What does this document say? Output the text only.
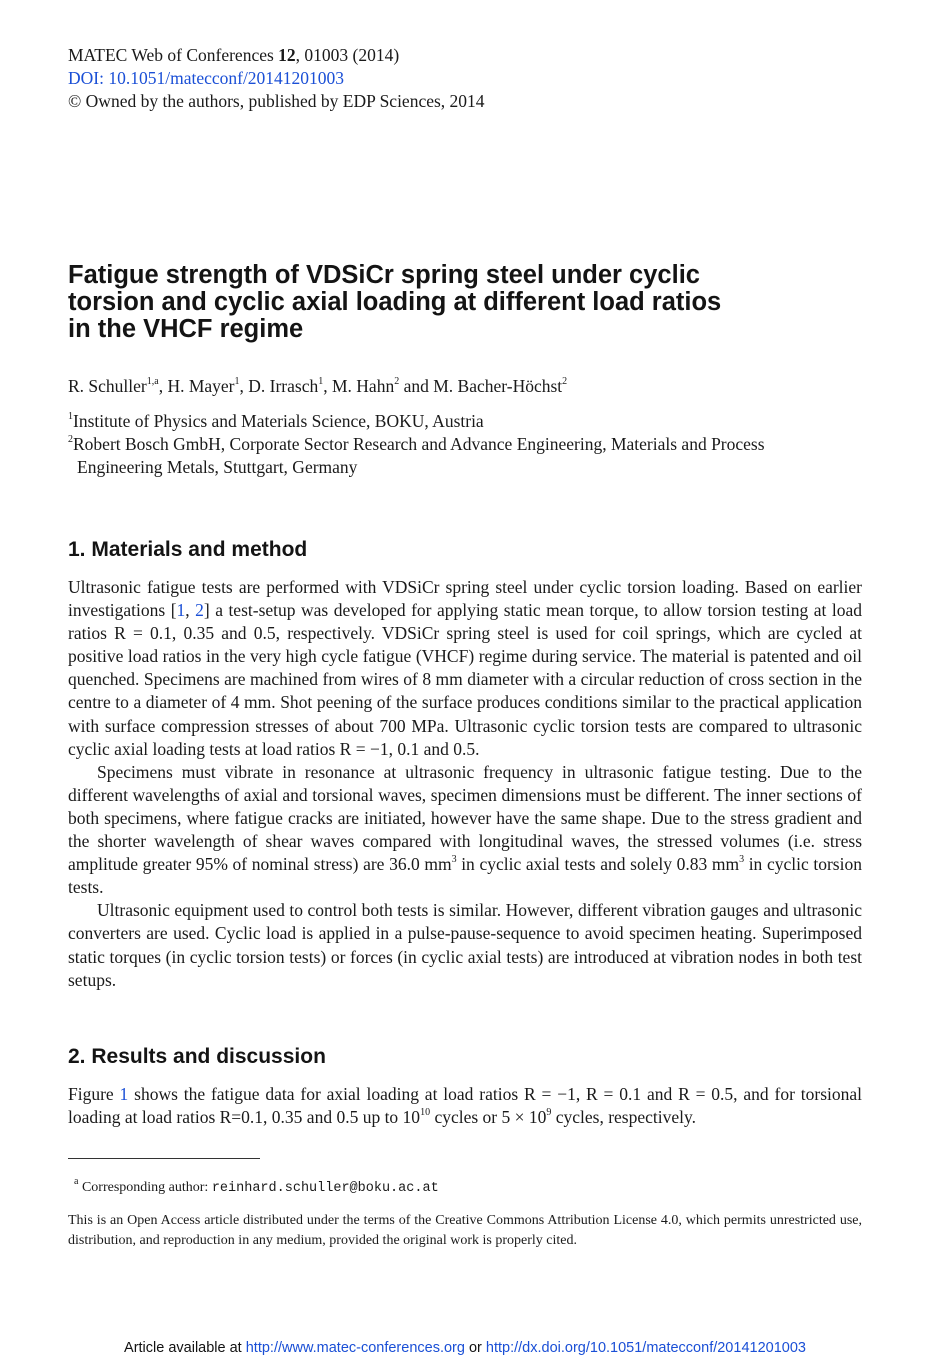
MATEC Web of Conferences 12, 01003 (2014)
DOI: 10.1051/matecconf/20141201003
© Owned by the authors, published by EDP Sciences, 2014
Fatigue strength of VDSiCr spring steel under cyclic
torsion and cyclic axial loading at different load ratios
in the VHCF regime
R. Schuller$^{1,a}$, H. Mayer$^1$, D. Irrasch$^1$, M. Hahn$^2$ and M. Bacher-Höchst$^2$
$^1$Institute of Physics and Materials Science, BOKU, Austria
$^2$Robert Bosch GmbH, Corporate Sector Research and Advance Engineering, Materials and Process
Engineering Metals, Stuttgart, Germany
1. Materials and method

Ultrasonic fatigue tests are performed with VDSiCr spring steel under cyclic torsion loading. Based on earlier investigations [1, 2] a test-setup was developed for applying static mean torque, to allow torsion testing at load ratios R = 0.1, 0.35 and 0.5, respectively. VDSiCr spring steel is used for coil springs, which are cycled at positive load ratios in the very high cycle fatigue (VHCF) regime during service. The material is patented and oil quenched. Specimens are machined from wires of 8 mm diameter with a circular reduction of cross section in the centre to a diameter of 4 mm. Shot peening of the surface produces conditions similar to the practical application with surface compression stresses of about 700 MPa. Ultrasonic cyclic torsion tests are compared to ultrasonic cyclic axial loading tests at load ratios R = −1, 0.1 and 0.5.

Specimens must vibrate in resonance at ultrasonic frequency in ultrasonic fatigue testing. Due to the different wavelengths of axial and torsional waves, specimen dimensions must be different. The inner sections of both specimens, where fatigue cracks are initiated, however have the same shape. Due to the stress gradient and the shorter wavelength of shear waves compared with longitudinal waves, the stressed volumes (i.e. stress amplitude greater 95% of nominal stress) are 36.0 $mm^3$ in cyclic axial tests and solely 0.83 $mm^3$ in cyclic torsion tests.

Ultrasonic equipment used to control both tests is similar. However, different vibration gauges and ultrasonic converters are used. Cyclic load is applied in a pulse-pause-sequence to avoid specimen heating. Superimposed static torques (in cyclic torsion tests) or forces (in cyclic axial tests) are introduced at vibration nodes in both test setups.

2. Results and discussion

Figure 1 shows the fatigue data for axial loading at load ratios R = −1, R = 0.1 and R = 0.5, and for torsional loading at load ratios R=0.1, 0.35 and 0.5 up to $10^{10}$ cycles or $5 \times 10^9$ cycles, respectively.

$^a$ Corresponding author: reinhard.schuller@boku.ac.at

This is an Open Access article distributed under the terms of the Creative Commons Attribution License 4.0, which permits unrestricted use, distribution, and reproduction in any medium, provided the original work is properly cited.

Article available at http://www.matec-conferences.org or http://dx.doi.org/10.1051/matecconf/20141201003
